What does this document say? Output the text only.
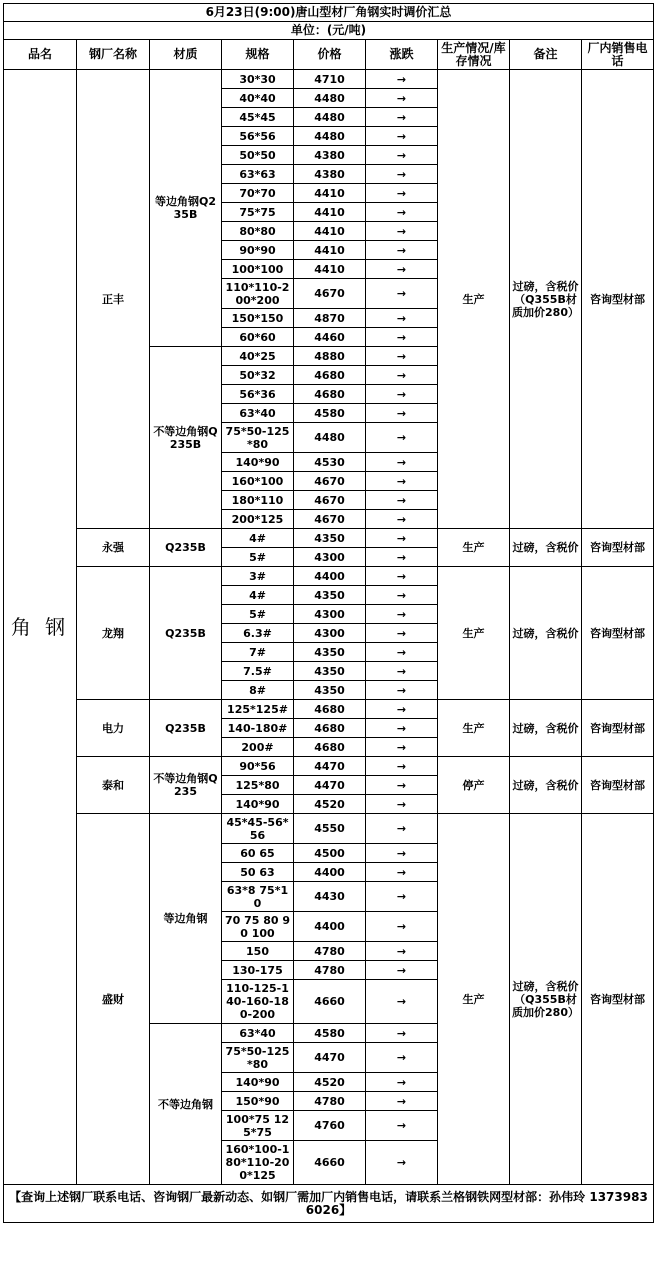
6月23日(9:00)唐山型材厂角钢实时调价汇总								
单位：(元/吨)								
品名	钢厂名称	材质	规格	价格	涨跌	生产情况/库存情况	备注	厂内销售电话
角 钢	正丰	等边角钢Q235B	30*30	4710	→	生产	过磅，含税价（Q355B材质加价280）	咨询型材部
			40*40	4480	→			
			45*45	4480	→			
			56*56	4480	→			
			50*50	4380	→			
			63*63	4380	→			
			70*70	4410	→			
			75*75	4410	→			
			80*80	4410	→			
			90*90	4410	→			
			100*100	4410	→			
			110*110-200*200	4670	→			
			150*150	4870	→			
			60*60	4460	→			
		不等边角钢Q235B	40*25	4880	→			
			50*32	4680	→			
			56*36	4680	→			
			63*40	4580	→			
			75*50-125*80	4480	→			
			140*90	4530	→			
			160*100	4670	→			
			180*110	4670	→			
			200*125	4670	→			
	永强	Q235B	4#	4350	→	生产	过磅，含税价	咨询型材部
			5#	4300	→			
	龙翔	Q235B	3#	4400	→	生产	过磅，含税价	咨询型材部
			4#	4350	→			
			5#	4300	→			
			6.3#	4300	→			
			7#	4350	→			
			7.5#	4350	→			
			8#	4350	→			
	电力	Q235B	125*125#	4680	→	生产	过磅，含税价	咨询型材部
			140-180#	4680	→			
			200#	4680	→			
	泰和	不等边角钢Q235	90*56	4470	→	停产	过磅，含税价	咨询型材部
			125*80	4470	→			
			140*90	4520	→			
	盛财	等边角钢	45*45-56*56	4550	→	生产	过磅，含税价（Q355B材质加价280）	咨询型材部
			60 65	4500	→			
			50 63	4400	→			
			63*8 75*10	4430	→			
			70 75 80 90 100	4400	→			
			150	4780	→			
			130-175	4780	→			
			110-125-140-160-180-200	4660	→			
		不等边角钢	63*40	4580	→			
			75*50-125*80	4470	→			
			140*90	4520	→			
			150*90	4780	→			
			100*75 125*75	4760	→			
			160*100-180*110-200*125	4660	→			
【查询上述钢厂联系电话、咨询钢厂最新动态、如钢厂需加厂内销售电话，请联系兰格钢铁网型材部：孙伟玲 13739836026】								
